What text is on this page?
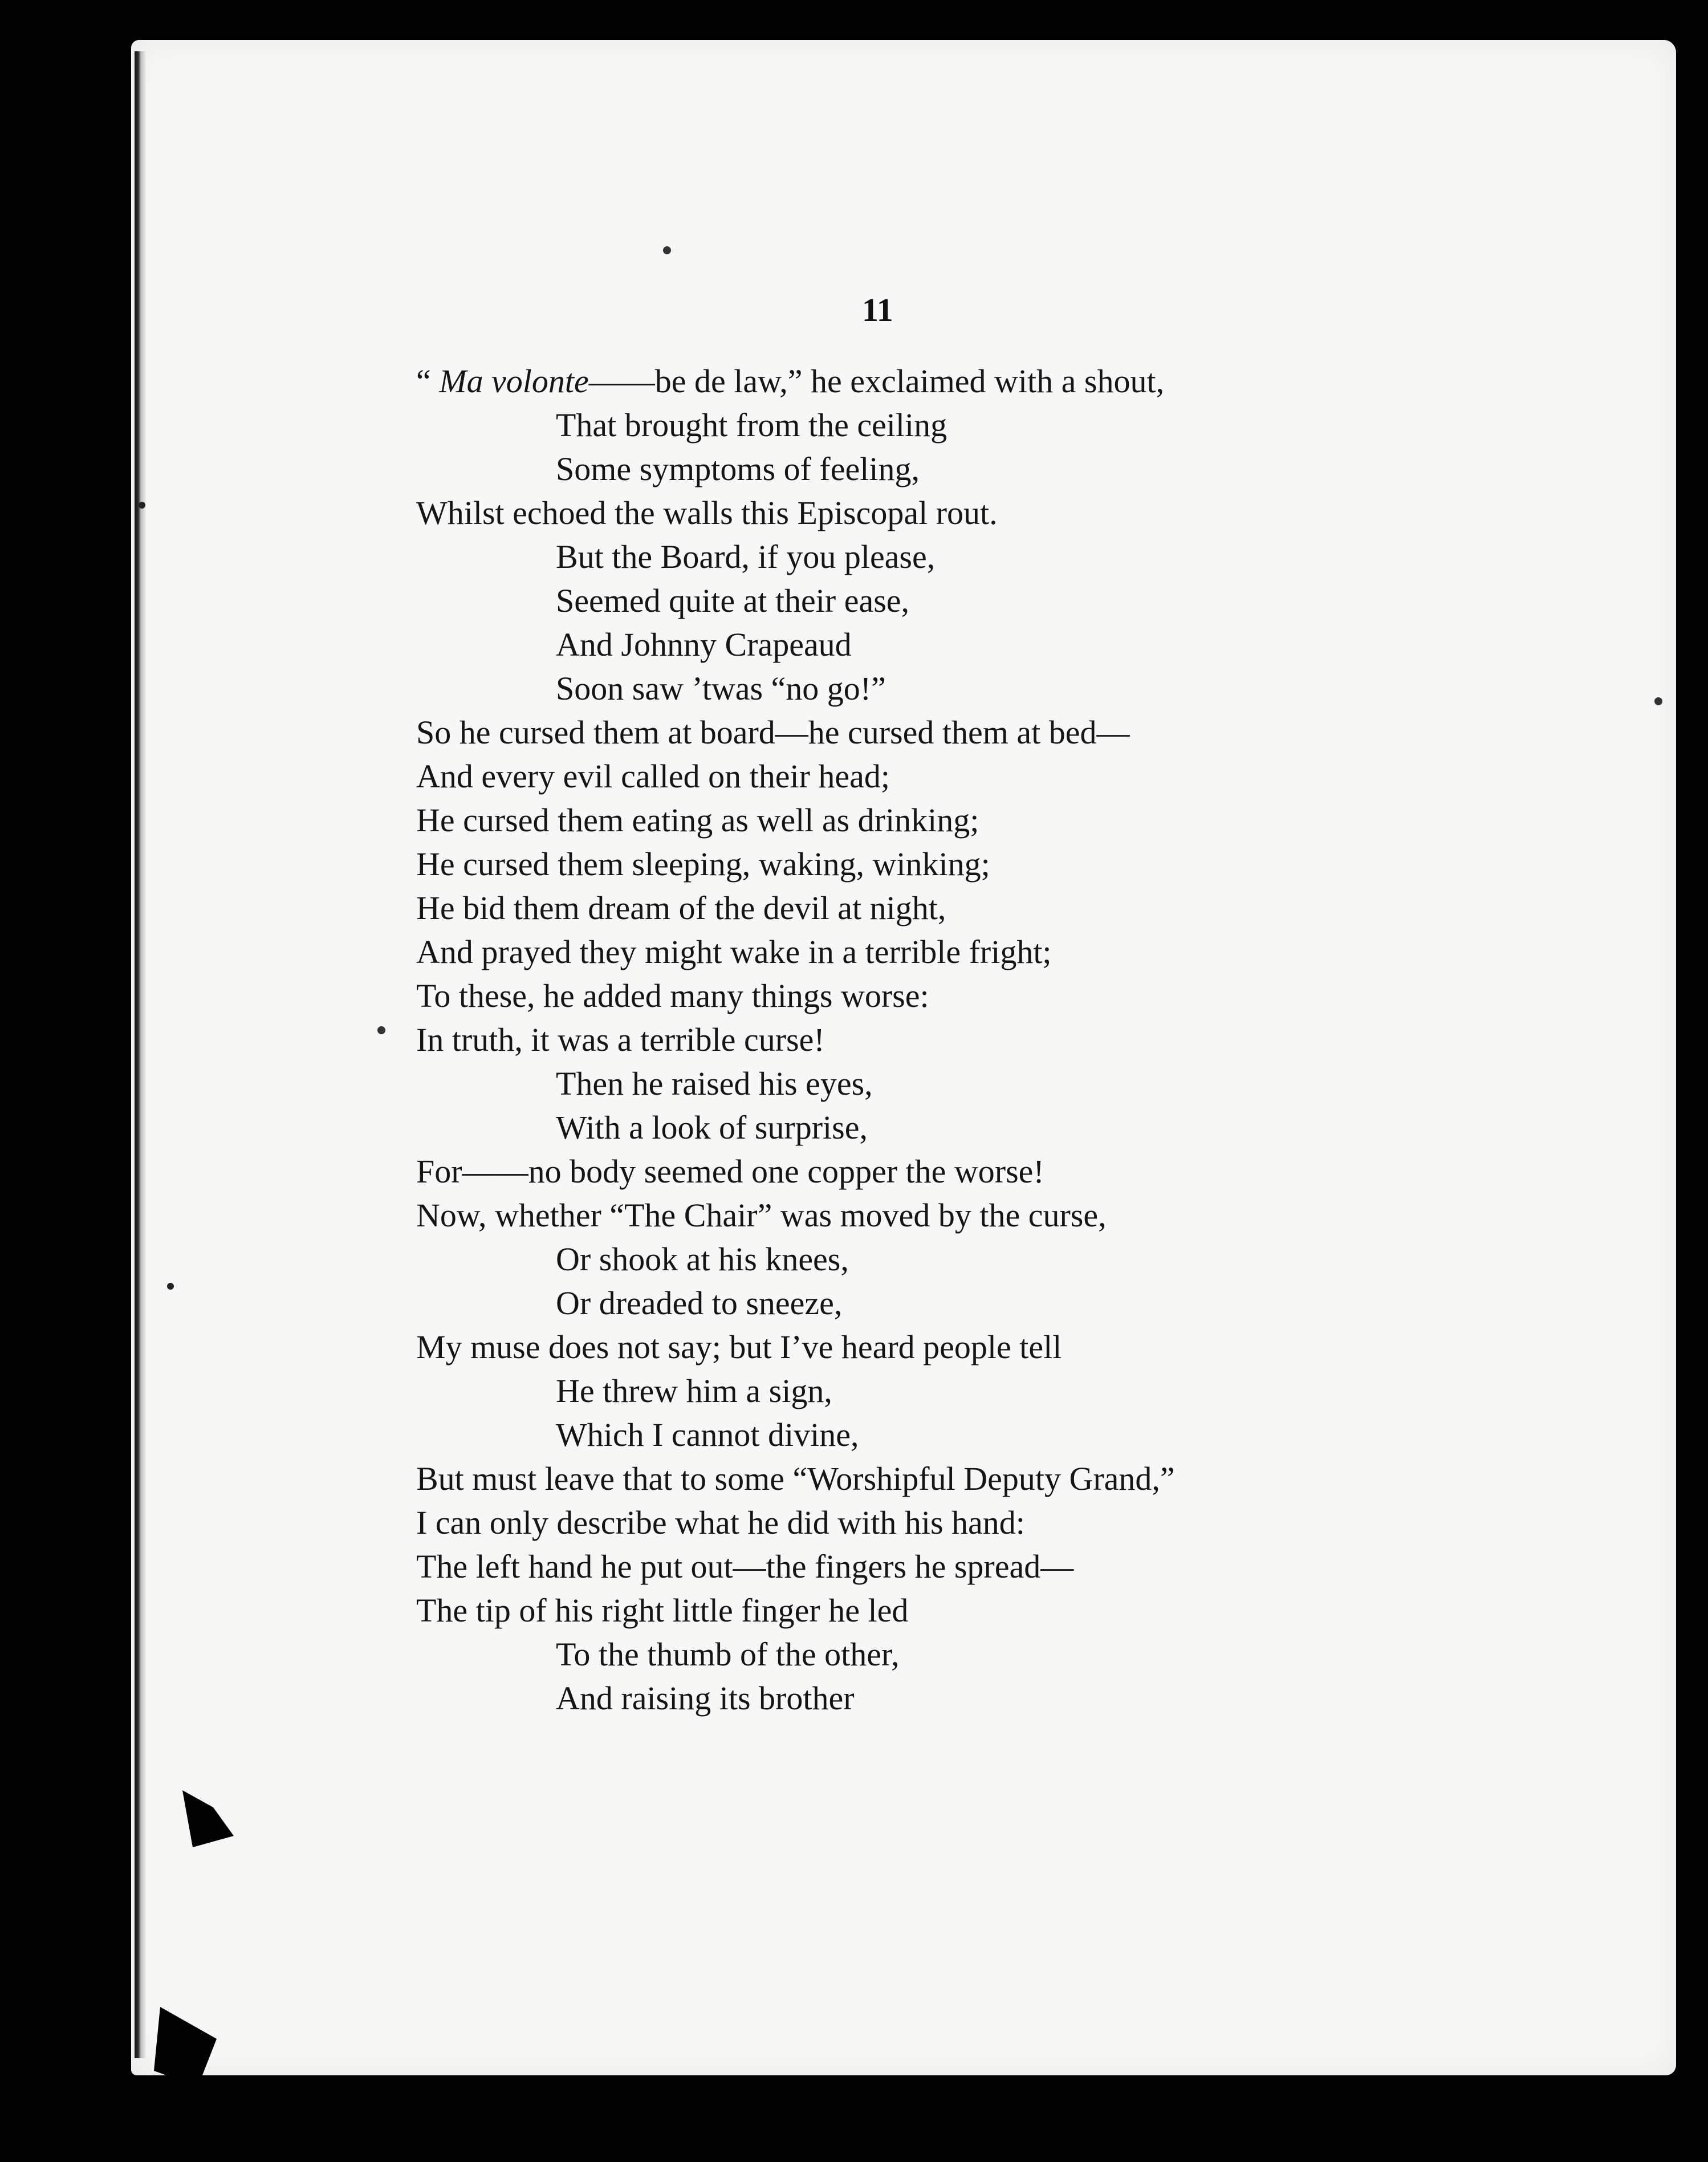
11
“ Ma volonte——be de law,” he exclaimed with a shout,
That brought from the ceiling
Some symptoms of feeling,
Whilst echoed the walls this Episcopal rout.
But the Board, if you please,
Seemed quite at their ease,
And Johnny Crapeaud
Soon saw ’twas “no go!”
So he cursed them at board—he cursed them at bed—
And every evil called on their head;
He cursed them eating as well as drinking;
He cursed them sleeping, waking, winking;
He bid them dream of the devil at night,
And prayed they might wake in a terrible fright;
To these, he added many things worse:
In truth, it was a terrible curse!
Then he raised his eyes,
With a look of surprise,
For——no body seemed one copper the worse!
Now, whether “The Chair” was moved by the curse,
Or shook at his knees,
Or dreaded to sneeze,
My muse does not say; but I’ve heard people tell
He threw him a sign,
Which I cannot divine,
But must leave that to some “Worshipful Deputy Grand,”
I can only describe what he did with his hand:
The left hand he put out—the fingers he spread—
The tip of his right little finger he led
To the thumb of the other,
And raising its brother
